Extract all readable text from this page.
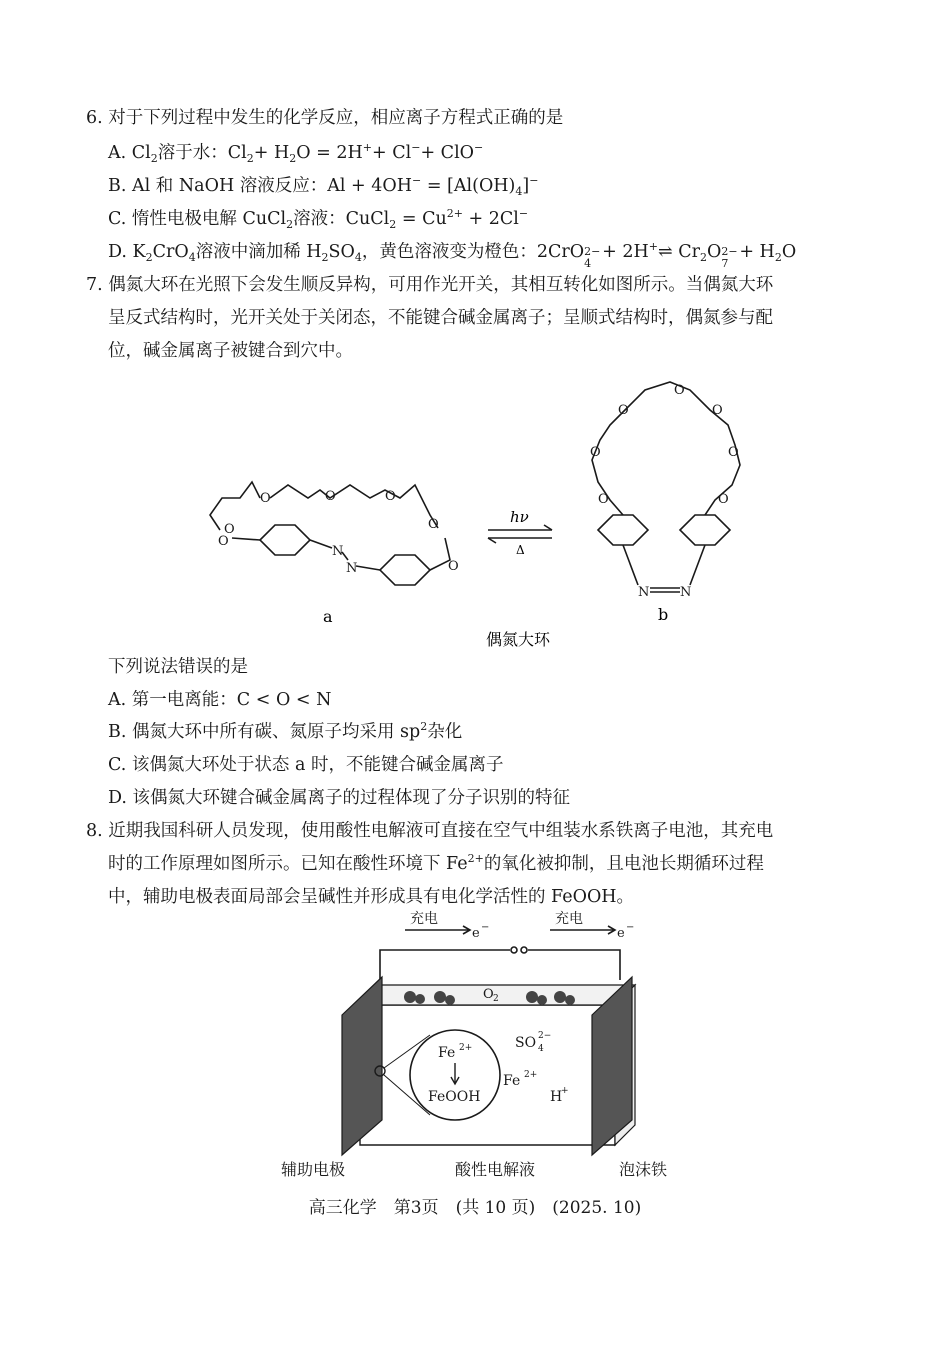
6. 对于下列过程中发生的化学反应，相应离子方程式正确的是
A. $Cl_2$溶于水：$Cl_2+ H_2O = 2H^++ Cl^-+ ClO^-$
B. Al 和 NaOH 溶液反应：$Al + 4OH^- = [Al(OH)_4]^-$
C. 惰性电极电解 CuCl$_2$溶液：CuCl$_2$ = $Cu^{2+} + 2Cl^-$
D. $K_2CrO_4$溶液中滴加稀 $H_2SO_4$，黄色溶液变为橙色：2CrO 2−
4
+ 2H+⇌ $Cr_2O$ 2−
7
+ $H_2O$
7. 偶氮大环在光照下会发生顺反异构，可用作光开关，其相互转化如图所示。当偶氮大环
呈反式结构时，光开关处于关闭态，不能键合碱金属离子；呈顺式结构时，偶氮参与配
位，碱金属离子被键合到穴中。
O
O
O	O	O
O
O
N
N
O
O
O
O
O
O
O
N N
hν
Δ
a	b
偶氮大环
下列说法错误的是
A. 第一电离能：C < O < N
B. 偶氮大环中所有碳、氮原子均采用 $sp^2$杂化
C. 该偶氮大环处于状态 a 时，不能键合碱金属离子
D. 该偶氮大环键合碱金属离子的过程体现了分子识别的特征
8. 近期我国科研人员发现，使用酸性电解液可直接在空气中组装水系铁离子电池，其充电
时的工作原理如图所示。已知在酸性环境下 $Fe^{2+}$的氧化被抑制，且电池长期循环过程
中，辅助电极表面局部会呈碱性并形成具有电化学活性的 FeOOH。
充电	充电
e −	e −
O 2
SO 2−
4
Fe 2+
H
+
Fe 2+
FeOOH
辅助电极	酸性电解液	泡沫铁
高三化学　第3页　(共 10 页)　(2025. 10)
